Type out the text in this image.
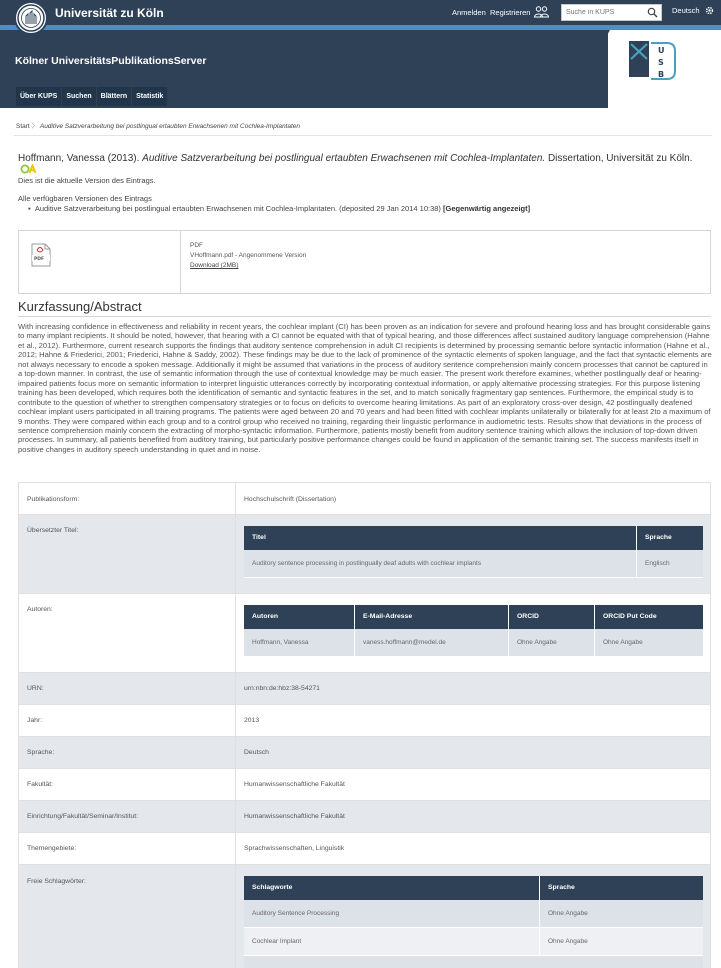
Universität zu Köln	Anmelden Registrieren
Suche in KUPS	Deutsch
Kölner UniversitätsPublikationsServer
U
S
B
Über KUPS	Suchen	Blättern	Statistik
Start 〉 Auditive Satzverarbeitung bei postlingual ertaubten Erwachsenen mit Cochlea-Implantaten
Hoffmann, Vanessa (2013). Auditive Satzverarbeitung bei postlingual ertaubten Erwachsenen mit Cochlea-Implantaten. Dissertation, Universität zu Köln.
Dies ist die aktuelle Version des Eintrags.
Alle verfügbaren Versionen des Eintrags
▪  Auditive Satzverarbeitung bei postlingual ertaubten Erwachsenen mit Cochlea-Implantaten. (deposited 29 Jan 2014 10:38) [Gegenwärtig angezeigt]
PDF
PDF
VHoffmann.pdf - Angenommene Version
Download (2MB)
Kurzfassung/Abstract
With increasing confidence in effectiveness and reliability in recent years, the cochlear implant (CI) has been proven as an indication for severe and profound hearing loss and has brought considerable gains to many implant recipients. It should be noted, however, that hearing with a CI cannot be equated with that of typical hearing, and those differences affect sustained auditory language comprehension (Hahne et al., 2012). Furthermore, current research supports the findings that auditory sentence comprehension in adult CI recipients is determined by processing semantic before syntactic information (Hahne et al., 2012; Hahne & Friederici, 2001; Friederici, Hahne & Saddy, 2002). These findings may be due to the lack of prominence of the syntactic elements of spoken language, and the fact that syntactic elements are not always necessary to encode a spoken message. Additionally it might be assumed that variations in the process of auditory sentence comprehension mainly concern processes that cannot be captured in a top-down manner. In contrast, the use of semantic information through the use of contextual knowledge may be much easier. The present work therefore examines, whether postlingually deaf or hearing-impaired patients focus more on semantic information to interpret linguistic utterances correctly by incorporating contextual information, or apply alternative processing strategies. For this purpose listening training has been developed, which requires both the identification of semantic and syntactic features in the set, and to match sonically fragmentary gap sentences. Furthermore, the empirical study is to contribute to the question of whether to strengthen compensatory strategies or to focus on deficits to overcome hearing limitations. As part of an exploratory cross-over design, 42 postlingually deafened cochlear implant users participated in all training programs. The patients were aged between 20 and 70 years and had been fitted with cochlear implants unilaterally or bilaterally for at least 2to a maximum of 9 months. They were compared within each group and to a control group who received no training, regarding their linguistic performance in audiometric tests. Results show that deviations in the process of sentence comprehension mainly concern the extracting of morpho-syntactic information. Furthermore, patients mostly benefit from auditory sentence training which allows the inclusion of top-down driven processes. In summary, all patients benefited from auditory training, but particularly positive performance changes could be found in application of the semantic training set. The success manifests itself in positive changes in auditory speech understanding in quiet and in noise.
Publikationsform:	Hochschulschrift (Dissertation)
Übersetzter Titel:
Titel	Sprache
Auditory sentence processing in postlingually deaf adults with cochlear implants	Englisch
Autoren:
Autoren	E-Mail-Adresse	ORCID	ORCID Put Code
Hoffmann, Vanessa	vaness.hoffmann@medel.de	Ohne Angabe	Ohne Angabe
URN:	urn:nbn:de:hbz:38-54271
Jahr:	2013
Sprache:	Deutsch
Fakultät:	Humanwissenschaftliche Fakultät
Einrichtung/Fakultät/Seminar/Institut:	Humanwissenschaftliche Fakultät
Themengebiete:	Sprachwissenschaften, Linguistik
Freie Schlagwörter:
Schlagworte	Sprache
Auditory Sentence Processing	Ohne Angabe
Cochlear Implant	Ohne Angabe
